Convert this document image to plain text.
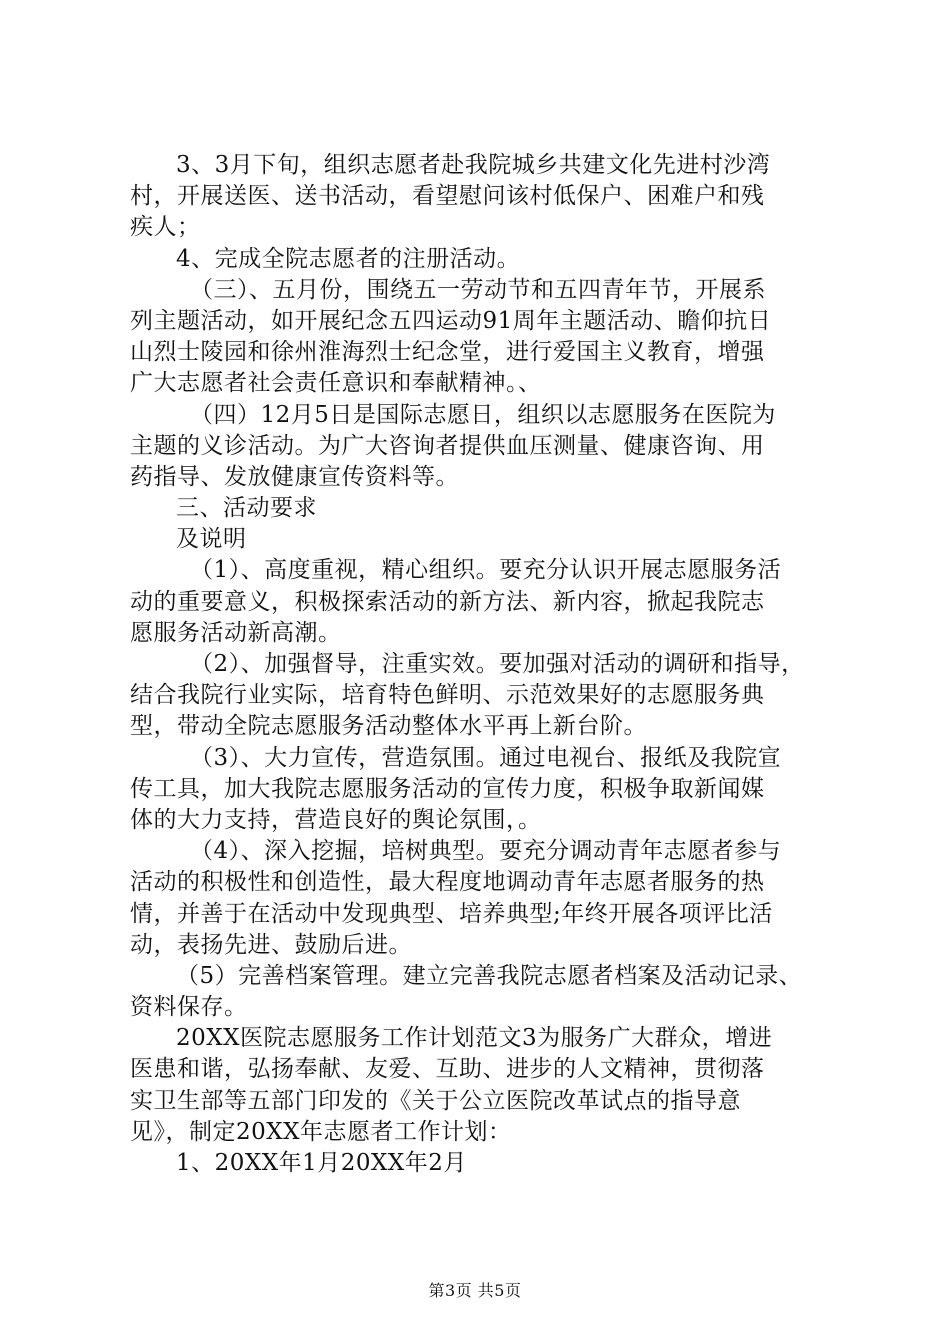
3、3月下旬，组织志愿者赴我院城乡共建文化先进村沙湾
村，开展送医、送书活动，看望慰问该村低保户、困难户和残
疾人；
4、完成全院志愿者的注册活动。
（三）、五月份，围绕五一劳动节和五四青年节，开展系
列主题活动，如开展纪念五四运动91周年主题活动、瞻仰抗日
山烈士陵园和徐州淮海烈士纪念堂，进行爱国主义教育，增强
广大志愿者社会责任意识和奉献精神。、
（四）12月5日是国际志愿日，组织以志愿服务在医院为
主题的义诊活动。为广大咨询者提供血压测量、健康咨询、用
药指导、发放健康宣传资料等。
三、活动要求
及说明
（1）、高度重视，精心组织。要充分认识开展志愿服务活
动的重要意义，积极探索活动的新方法、新内容，掀起我院志
愿服务活动新高潮。
（2）、加强督导，注重实效。要加强对活动的调研和指导，
结合我院行业实际，培育特色鲜明、示范效果好的志愿服务典
型，带动全院志愿服务活动整体水平再上新台阶。
（3）、大力宣传，营造氛围。通过电视台、报纸及我院宣
传工具，加大我院志愿服务活动的宣传力度，积极争取新闻媒
体的大力支持，营造良好的舆论氛围，。
（4）、深入挖掘，培树典型。要充分调动青年志愿者参与
活动的积极性和创造性，最大程度地调动青年志愿者服务的热
情，并善于在活动中发现典型、培养典型;年终开展各项评比活
动，表扬先进、鼓励后进。
（5）完善档案管理。建立完善我院志愿者档案及活动记录、
资料保存。
20XX医院志愿服务工作计划范文3为服务广大群众，增进
医患和谐，弘扬奉献、友爱、互助、进步的人文精神，贯彻落
实卫生部等五部门印发的《关于公立医院改革试点的指导意
见》，制定20XX年志愿者工作计划：
1、20XX年1月20XX年2月
第3页 共5页
